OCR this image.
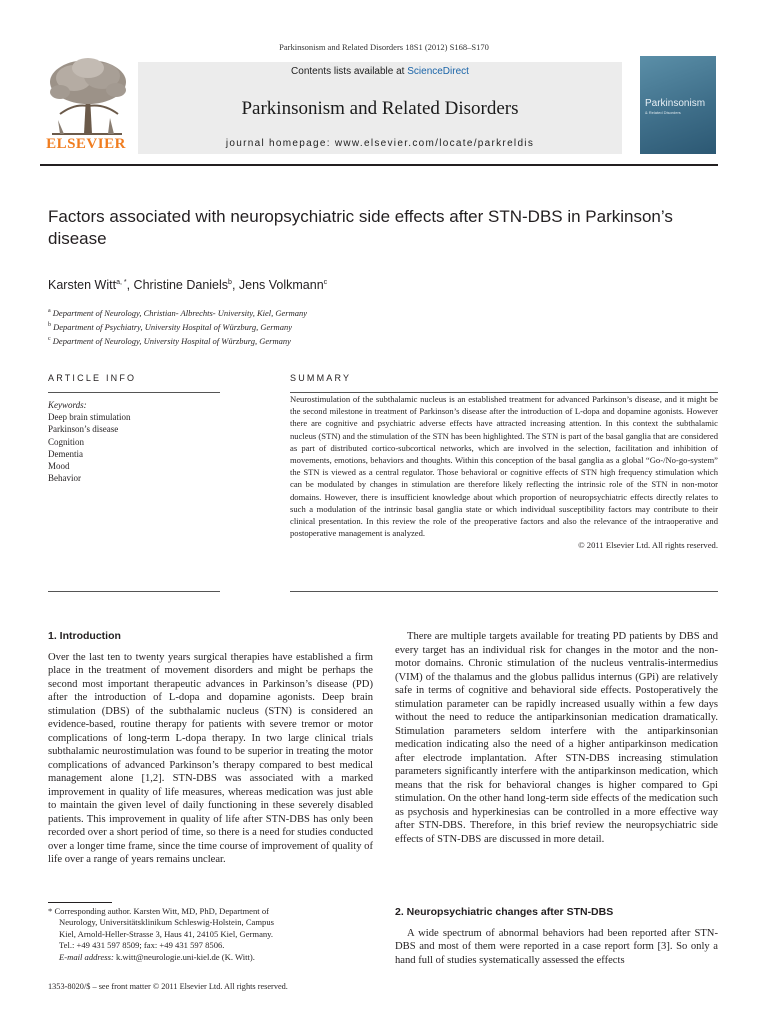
Parkinsonism and Related Disorders 18S1 (2012) S168–S170
ELSEVIER
Contents lists available at ScienceDirect
Parkinsonism and Related Disorders
journal homepage: www.elsevier.com/locate/parkreldis
Parkinsonism
& Related Disorders
Factors associated with neuropsychiatric side effects after STN-DBS in Parkinson’s disease
Karsten Witt$^{a, *}$, Christine Daniels$^b$, Jens Volkmann$^c$
$^a$ Department of Neurology, Christian- Albrechts- University, Kiel, Germany
$^b$ Department of Psychiatry, University Hospital of Würzburg, Germany
$^c$ Department of Neurology, University Hospital of Würzburg, Germany
ARTICLE INFO	SUMMARY
Keywords:
Deep brain stimulation
Parkinson’s disease
Cognition
Dementia
Mood
Behavior
Neurostimulation of the subthalamic nucleus is an established treatment for advanced Parkinson’s disease, and it might be the second milestone in treatment of Parkinson’s disease after the introduction of L-dopa and dopamine agonists. However there are cognitive and psychiatric adverse effects have attracted increasing attention. In this context the subthalamic nucleus (STN) and the stimulation of the STN has been highlighted. The STN is part of the basal ganglia that are considered as part of distributed cortico-subcortical networks, which are involved in the selection, facilitation and inhibition of movements, emotions, behaviors and thoughts. Within this conception of the basal ganglia as a global “Go-/No-go-system” the STN is viewed as a central regulator. Those behavioral or cognitive effects of STN high frequency stimulation which can be modulated by changes in stimulation are therefore likely reflecting the intrinsic role of the STN in non-motor domains. However, there is insufficient knowledge about which proportion of neuropsychiatric effects directly relates to such a modulation of the intrinsic basal ganglia state or which individual susceptibility factors may contribute to their clinical presentation. In this review the role of the preoperative factors and also the relevance of the intraoperative and postoperative management is analyzed.
© 2011 Elsevier Ltd. All rights reserved.
1. Introduction
Over the last ten to twenty years surgical therapies have established a firm place in the treatment of movement disorders and might be perhaps the second most important therapeutic advances in Parkinson’s disease (PD) after the introduction of L-dopa and dopamine agonists. Deep brain stimulation (DBS) of the subthalamic nucleus (STN) is considered an evidence-based, routine therapy for patients with severe tremor or motor complications of long-term L-dopa therapy. In two large clinical trials subthalamic neurostimulation was found to be superior in treating the motor complications of advanced Parkinson’s therapy compared to best medical management alone [1,2]. STN-DBS was associated with a marked improvement in quality of life measures, whereas medication was just able to maintain the given level of daily functioning in these severely disabled patients. This improvement in quality of life after STN-DBS has only been recorded over a short period of time, so there is a need for studies conducted over a longer time frame, since the time course of improvement of quality of life over a range of years remains unclear.
There are multiple targets available for treating PD patients by DBS and every target has an individual risk for changes in the motor and the non-motor domains. Chronic stimulation of the nucleus ventralis-intermedius (VIM) of the thalamus and the globus pallidus internus (GPi) are relatively safe in terms of cognitive and behavioral side effects. Postoperatively the stimulation parameter can be rapidly increased usually within a few days without the need to reduce the antiparkinsonian medication dramatically. Stimulation parameters seldom interfere with the antiparkinsonian medication indicating also the need of a higher antiparkinson medication after electrode implantation. After STN-DBS increasing stimulation parameters significantly interfere with the antiparkinson medication, which means that the risk for behavioral changes is higher compared to Gpi stimulation. On the other hand long-term side effects of the medication such as psychosis and hyperkinesias can be controlled in a more effective way after STN-DBS. Therefore, in this brief review the neuropsychiatric side effects of STN-DBS are discussed in more detail.
* Corresponding author. Karsten Witt, MD, PhD, Department of
Neurology, Universitätsklinikum Schleswig-Holstein, Campus
Kiel, Arnold-Heller-Strasse 3, Haus 41, 24105 Kiel, Germany.
Tel.: +49 431 597 8509; fax: +49 431 597 8506.
E-mail address: k.witt@neurologie.uni-kiel.de (K. Witt).
2. Neuropsychiatric changes after STN-DBS
A wide spectrum of abnormal behaviors had been reported after STN-DBS and most of them were reported in a case report form [3]. So only a hand full of studies systematically assessed the effects
1353-8020/$ – see front matter © 2011 Elsevier Ltd. All rights reserved.
